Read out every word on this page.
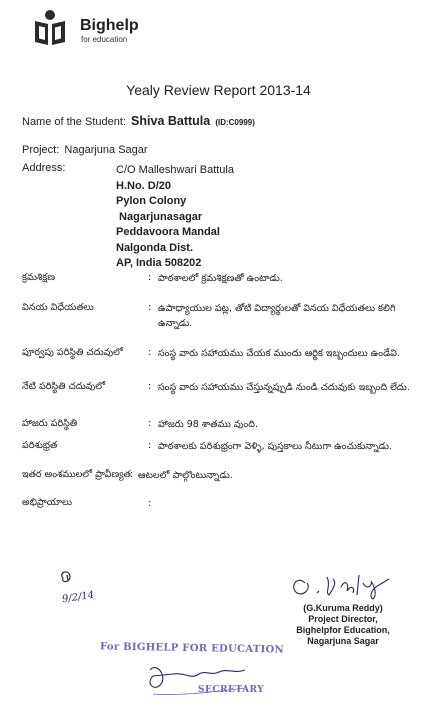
Bighelp
for education
Yealy Review Report 2013-14
Name of the Student: Shiva Battula (ID:C0999)
Project: Nagarjuna Sagar
Address:	C/O Malleshwari Battula
H.No. D/20
Pylon Colony
Nagarjunasagar
Peddavoora Mandal
Nalgonda Dist.
AP, India 508202
క్రమశిక్షణ	: పాఠశాలలో క్రమశిక్షణతో ఉంటాడు.
వినయ విధేయతలు	: ఉపాధ్యాయుల పట్ల, తోటి విద్యార్థులతో వినయ విధేయతలు కలిగి ఉన్నాడు.
పూర్వపు పరిస్థితి చదువులో	: సంస్థ వారు సహాయము చేయక ముందు ఆర్థిక ఇబ్బందులు ఉండేవి.
నేటి పరిస్థితి చదువులో	: సంస్థ వారు సహాయము చేస్తున్నప్పుడి నుండి చదువుకు ఇబ్బంది లేదు.
హాజరు పరిస్థితి	: హాజరు 98 శాతము వుంది.
పరిశుభ్రత	: పాఠశాలకు పరిశుభ్రంగా వెళ్ళి, పుస్తకాలు నీటుగా ఉంచుకున్నాడు.
ఇతర అంశములలో ప్రావీణ్యత : ఆటలలో పాల్గొంటున్నాడు.
అభిప్రాయాలు	:
9/2/14
(G.Kuruma Reddy)
Project Director,
Bighelpfor Education,
Nagarjuna Sagar
For BIGHELP FOR EDUCATION
SECRETARY
